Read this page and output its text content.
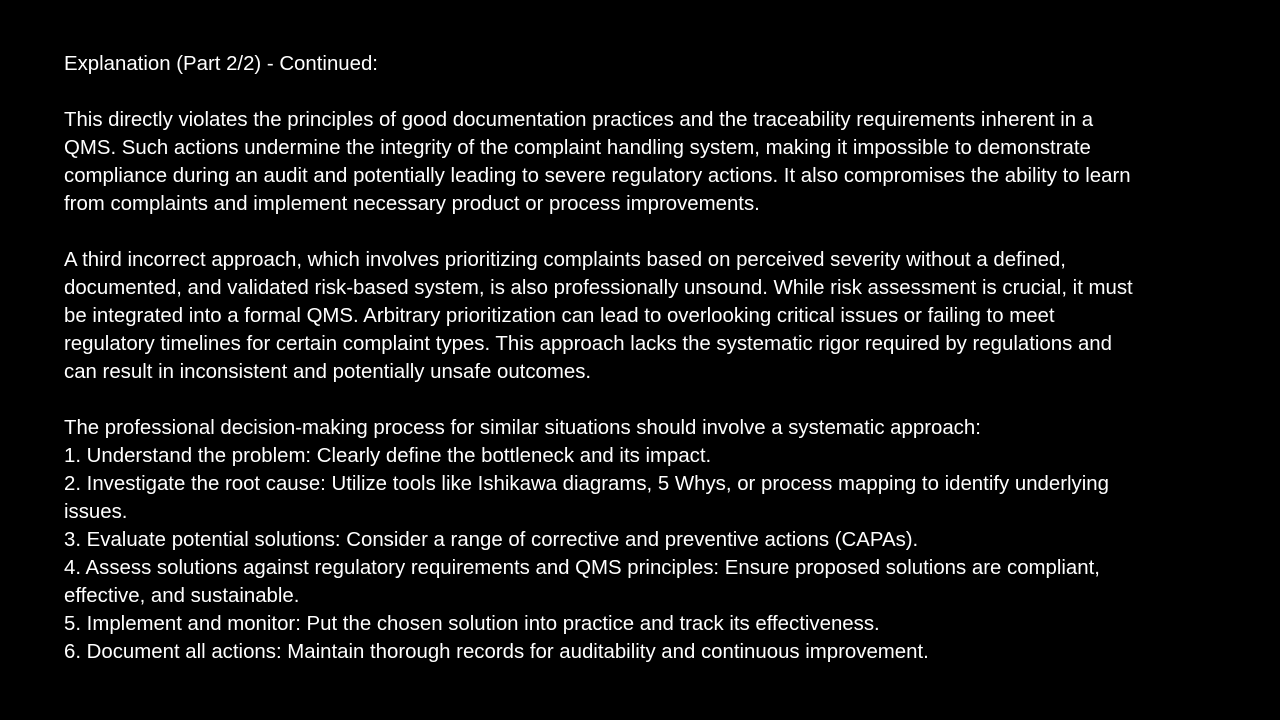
Explanation (Part 2/2) - Continued:
This directly violates the principles of good documentation practices and the traceability requirements inherent in a
QMS. Such actions undermine the integrity of the complaint handling system, making it impossible to demonstrate
compliance during an audit and potentially leading to severe regulatory actions. It also compromises the ability to learn
from complaints and implement necessary product or process improvements.
A third incorrect approach, which involves prioritizing complaints based on perceived severity without a defined,
documented, and validated risk-based system, is also professionally unsound. While risk assessment is crucial, it must
be integrated into a formal QMS. Arbitrary prioritization can lead to overlooking critical issues or failing to meet
regulatory timelines for certain complaint types. This approach lacks the systematic rigor required by regulations and
can result in inconsistent and potentially unsafe outcomes.
The professional decision-making process for similar situations should involve a systematic approach:
1. Understand the problem: Clearly define the bottleneck and its impact.
2. Investigate the root cause: Utilize tools like Ishikawa diagrams, 5 Whys, or process mapping to identify underlying
issues.
3. Evaluate potential solutions: Consider a range of corrective and preventive actions (CAPAs).
4. Assess solutions against regulatory requirements and QMS principles: Ensure proposed solutions are compliant,
effective, and sustainable.
5. Implement and monitor: Put the chosen solution into practice and track its effectiveness.
6. Document all actions: Maintain thorough records for auditability and continuous improvement.
